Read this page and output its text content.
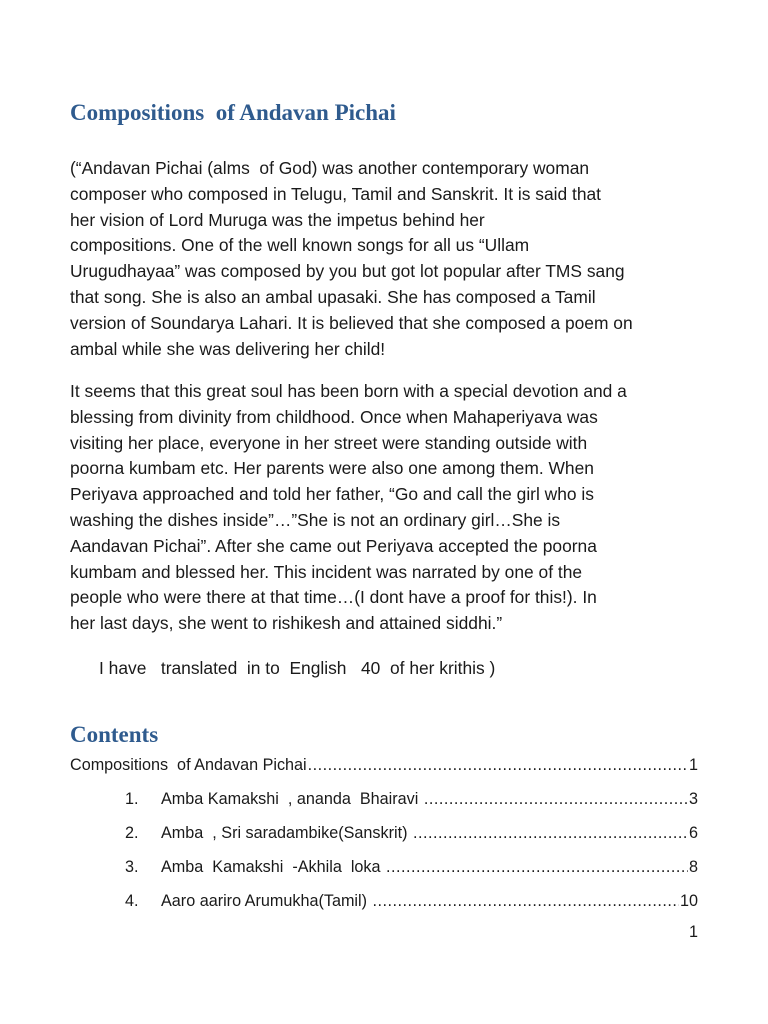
Compositions  of Andavan Pichai

(“Andavan Pichai (alms  of God) was another contemporary woman
composer who composed in Telugu, Tamil and Sanskrit. It is said that
her vision of Lord Muruga was the impetus behind her
compositions. One of the well known songs for all us “Ullam
Urugudhayaa” was composed by you but got lot popular after TMS sang
that song. She is also an ambal upasaki. She has composed a Tamil
version of Soundarya Lahari. It is believed that she composed a poem on
ambal while she was delivering her child!

It seems that this great soul has been born with a special devotion and a
blessing from divinity from childhood. Once when Mahaperiyava was
visiting her place, everyone in her street were standing outside with
poorna kumbam etc. Her parents were also one among them. When
Periyava approached and told her father, “Go and call the girl who is
washing the dishes inside”…”She is not an ordinary girl…She is
Aandavan Pichai”. After she came out Periyava accepted the poorna
kumbam and blessed her. This incident was narrated by one of the
people who were there at that time…(I dont have a proof for this!). In
her last days, she went to rishikesh and attained siddhi.”

I have   translated  in to  English   40  of her krithis )

Contents
Compositions  of Andavan Pichai .....	1
1.	Amba Kamakshi  , ananda  Bhairavi .....	3
2.	Amba  , Sri saradambike(Sanskrit) .....	6
3.	Amba  Kamakshi  -Akhila  loka .....	8
4.	Aaro aariro Arumukha(Tamil) .....	10
1
